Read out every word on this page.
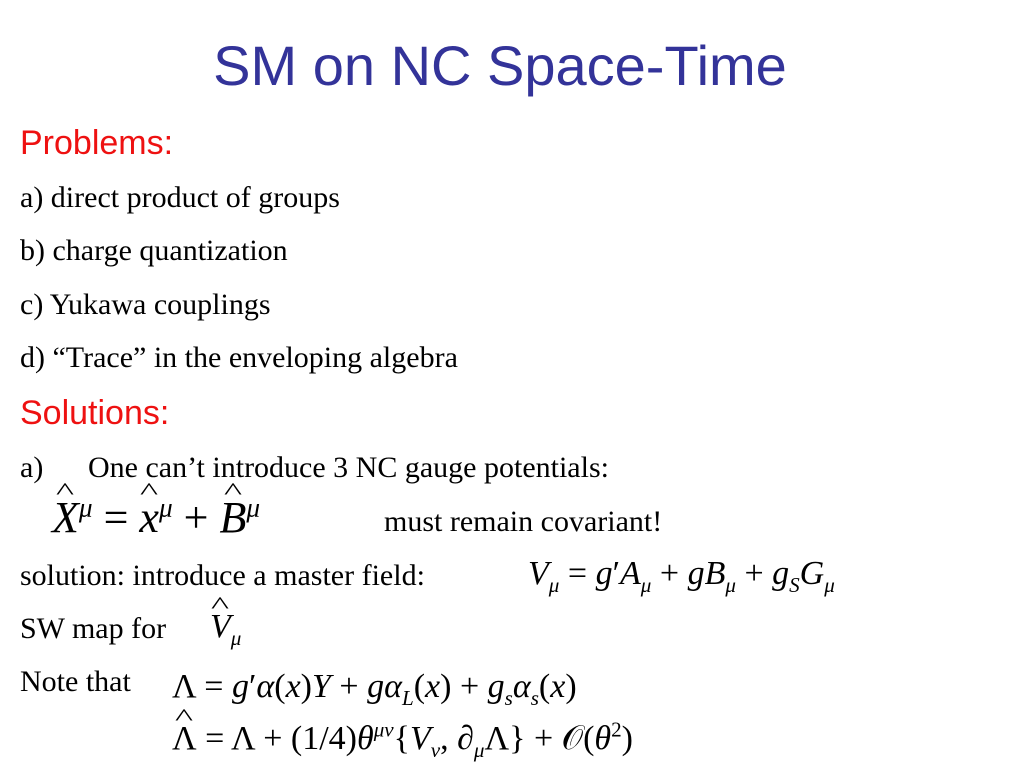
SM on NC Space-Time
Problems:
a) direct product of groups
b) charge quantization
c) Yukawa couplings
d) “Trace” in the enveloping algebra
Solutions:
a) One can’t introduce 3 NC gauge potentials:
^ $X^\mu$ = ^ $x^\mu$ + ^ $B^\mu$	must remain covariant!
solution: introduce a master field:	$V_\mu = g'A_\mu + gB_\mu + g_SG_\mu$
SW map for
^ $V_\mu$
Note that $\Lambda = g'\alpha(x)Y + g\alpha_L(x) + g_s\alpha_s(x)$
^ $\Lambda = \Lambda + (1/4)\theta^{\mu\nu}\{V_\nu$, $\partial_\mu\Lambda$} + $𝒪(\theta^2)$
